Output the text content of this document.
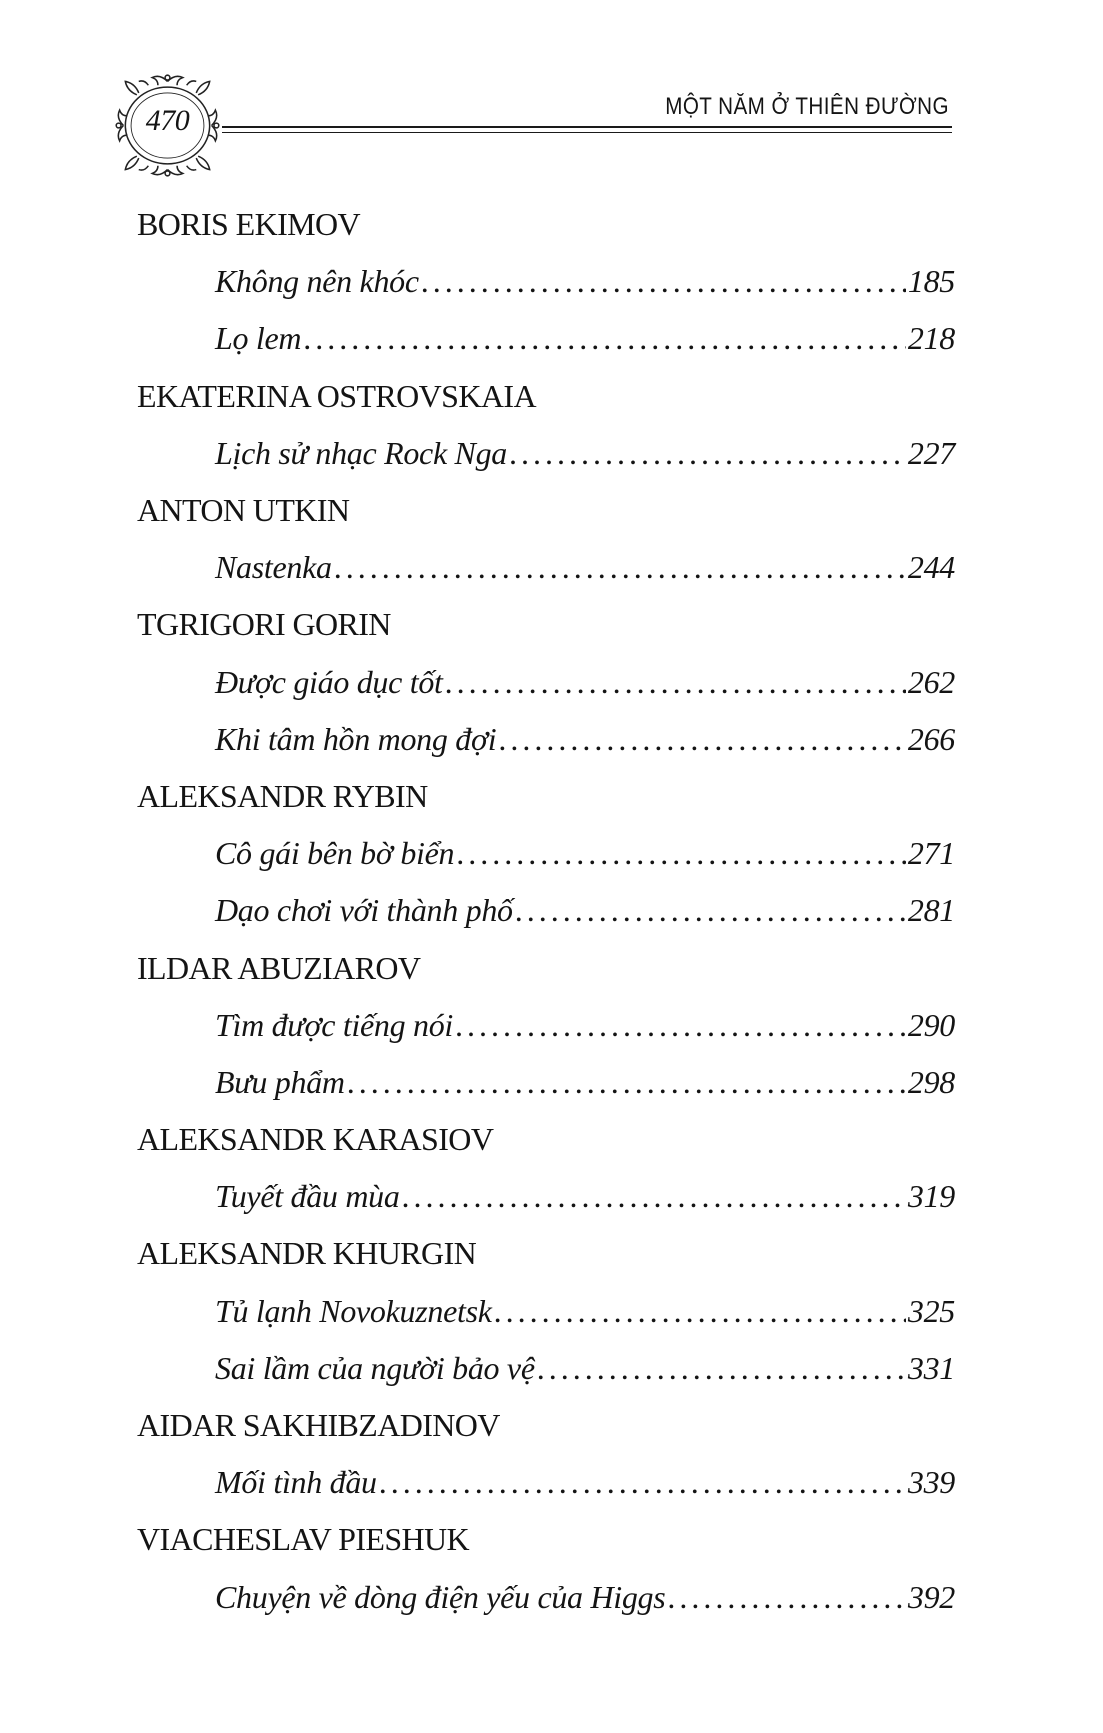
470	MỘT NĂM Ở THIÊN ĐƯỜNG
BORIS EKIMOV
Không nên khóc . . .	185
Lọ lem . . .	218
EKATERINA OSTROVSKAIA
Lịch sử nhạc Rock Nga . . .	227
ANTON UTKIN
Nastenka . . .	244
TGRIGORI GORIN
Được giáo dục tốt . . .	262
Khi tâm hồn mong đợi . . .	266
ALEKSANDR RYBIN
Cô gái bên bờ biển . . .	271
Dạo chơi với thành phố . . .	281
ILDAR ABUZIAROV
Tìm được tiếng nói . . .	290
Bưu phẩm . . .	298
ALEKSANDR KARASIOV
Tuyết đầu mùa . . .	319
ALEKSANDR KHURGIN
Tủ lạnh Novokuznetsk . . .	325
Sai lầm của người bảo vệ . . .	331
AIDAR SAKHIBZADINOV
Mối tình đầu . . .	339
VIACHESLAV PIESHUK
Chuyện về dòng điện yếu của Higgs . . .	392
